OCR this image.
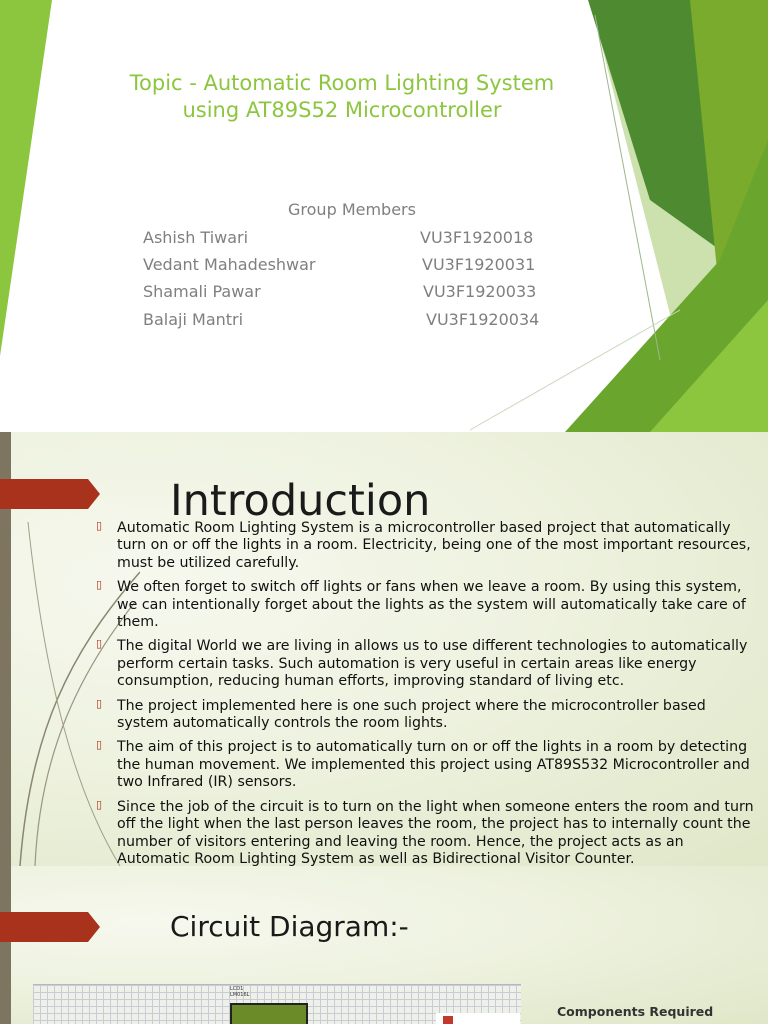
Topic - Automatic Room Lighting System
using AT89S52 Microcontroller
Group Members
Ashish Tiwari	VU3F1920018
Vedant Mahadeshwar	VU3F1920031
Shamali Pawar	VU3F1920033
Balaji Mantri	VU3F1920034
Introduction
▯ Automatic Room Lighting System is a microcontroller based project that automatically turn on or off the lights in a room. Electricity, being one of the most important resources, must be utilized carefully.
▯ We often forget to switch off lights or fans when we leave a room. By using this system, we can intentionally forget about the lights as the system will automatically take care of them.
▯ The digital World we are living in allows us to use different technologies to automatically perform certain tasks. Such automation is very useful in certain areas like energy consumption, reducing human efforts, improving standard of living etc.
▯ The project implemented here is one such project where the microcontroller based system automatically controls the room lights.
▯ The aim of this project is to automatically turn on or off the lights in a room by detecting the human movement. We implemented this project using AT89S532 Microcontroller and two Infrared (IR) sensors.
▯ Since the job of the circuit is to turn on the light when someone enters the room and turn off the light when the last person leaves the room, the project has to internally count the number of visitors entering and leaving the room. Hence, the project acts as an Automatic Room Lighting System as well as Bidirectional Visitor Counter.
Circuit Diagram:-
LCD1
LM016L
Components Required
